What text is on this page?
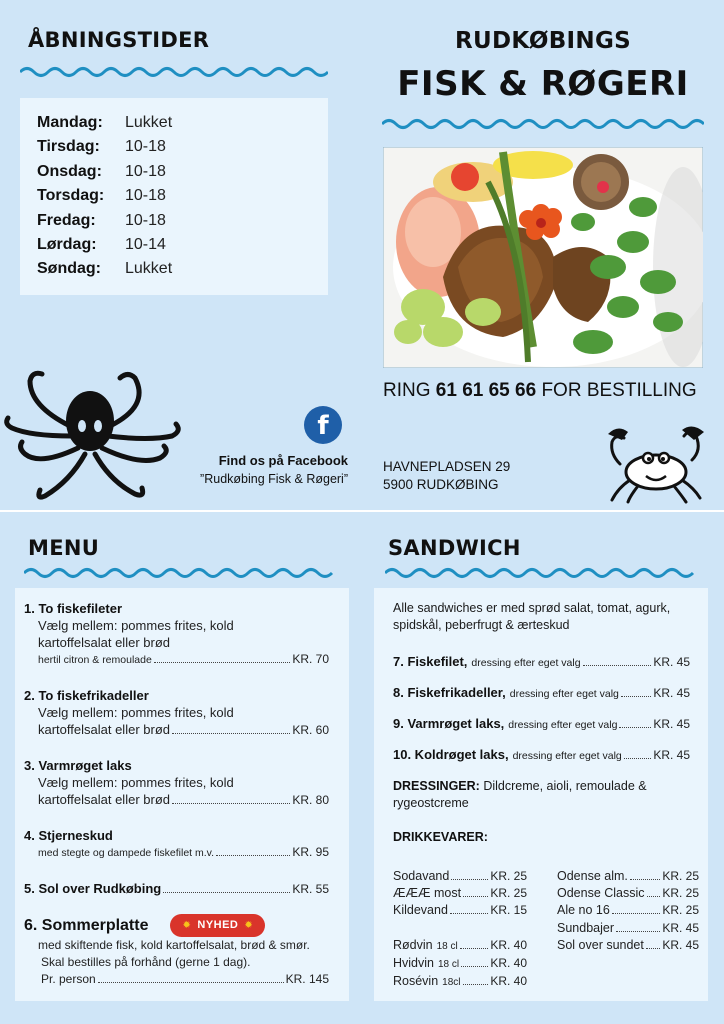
ÅBNINGSTIDER
Mandag:	Lukket
Tirsdag:	10-18
Onsdag:	10-18
Torsdag:	10-18
Fredag:	10-18
Lørdag:	10-14
Søndag:	Lukket
RUDKØBINGS
FISK & RØGERI
RING 61 61 65 66 FOR BESTILLING
HAVNEPLADSEN 29
5900 RUDKØBING
f
Find os på Facebook
”Rudkøbing Fisk & Røgeri”
MENU
1. To fiskefileter
Vælg mellem: pommes frites, kold
kartoffelsalat eller brød
hertil citron & remoulade	KR. 70
2. To fiskefrikadeller
Vælg mellem: pommes frites, kold
kartoffelsalat eller brød	KR. 60
3. Varmrøget laks
Vælg mellem: pommes frites, kold
kartoffelsalat eller brød	KR. 80
4. Stjerneskud
med stegte og dampede fiskefilet m.v.	KR. 95
5. Sol over Rudkøbing	KR. 55
6. Sommerplatte	✹ NYHED ✹
med skiftende fisk, kold kartoffelsalat, brød & smør.
Skal bestilles på forhånd (gerne 1 dag).
Pr. person	KR. 145
SANDWICH
Alle sandwiches er med sprød salat, tomat, agurk, spidskål, peberfrugt & ærteskud
7. Fiskefilet, dressing efter eget valg	KR. 45
8. Fiskefrikadeller, dressing efter eget valg	KR. 45
9. Varmrøget laks, dressing efter eget valg	KR. 45
10. Koldrøget laks, dressing efter eget valg	KR. 45
DRESSINGER: Dildcreme, aioli, remoulade & rygeostcreme
DRIKKEVARER:
Sodavand	KR. 25
ÆÆÆ most KR. 25
Kildevand	KR. 15
Rødvin 18 cl	KR. 40
Hvidvin 18 cl	KR. 40
Rosévin 18cl KR. 40
Odense alm.	KR. 25
Odense Classic KR. 25
Ale no 16	KR. 25
Sundbajer	KR. 45
Sol over sundet KR. 45
